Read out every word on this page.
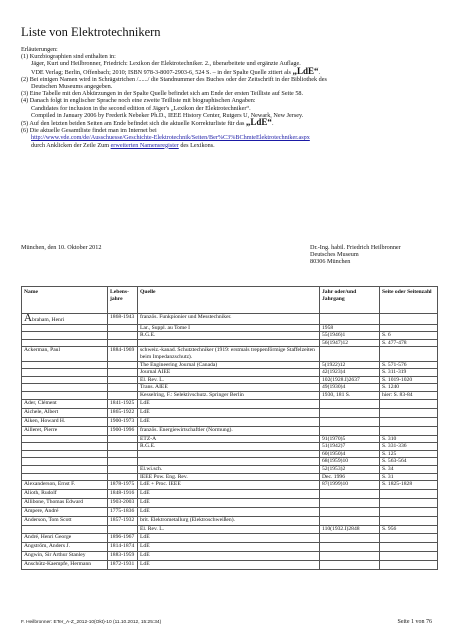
Liste von Elektrotechnikern
Erläuterungen:
(1) Kurzbiographien sind enthalten in:
Jäger, Kurt und Heilbronner, Friedrich: Lexikon der Elektrotechniker. 2., überarbeitete und ergänzte Auflage.
VDE Verlag; Berlin, Offenbach; 2010; ISBN 978-3-8007-2903-6, 524 S. – in der Spalte Quelle zitiert als „LdE“.
(2) Bei einigen Namen wird in Schrägstrichen /....../ die Standnummer des Buches oder der Zeitschrift in der Bibliothek des
Deutschen Museums angegeben.
(3) Eine Tabelle mit den Abkürzungen in der Spalte Quelle befindet sich am Ende der ersten Teilliste auf Seite 58.
(4) Danach folgt in englischer Sprache noch eine zweite Teilliste mit biographischen Angaben:
Candidates for inclusion in the second edition of Jäger's „Lexikon der Elektrotechniker“.
Compiled in January 2006 by Frederik Nebeker Ph.D., IEEE History Center, Rutgers U, Newark, New Jersey.
(5) Auf den letzten beiden Seiten am Ende befindet sich die aktuelle Korrekturliste für das „LdE“.
(6) Die aktuelle Gesamtliste findet man im Internet bei
http://www.vde.com/de/Ausschuesse/Geschichte-Elektrotechnik/Seiten/Ber%C3%BChmteElektrotechniker.aspx
durch Anklicken der Zeile Zum erweiterten Namensregister des Lexikons.
München, den 10. Oktober 2012	Dr.-Ing. habil. Friedrich Heilbronner
Deutsches Museum
80306 München
Name	Lebens-jahre	Quelle	Jahr oder/und Jahrgang	Seite oder Seitenzahl
Abraham, Henri	1868-1943	französ. Funkpionier und Messtechniker.		
		Lar., Suppl. au Tome I	1958	
		R.G.E.	55(1946)1	S. 6
			56(1947)12	S. 477-478
Ackerman, Paul	1884-1969	schweiz.-kanad. Schutztechniker (1919: erstmals treppenförmige Staffelzeiten beim Impedanzschutz).		
		The Engineering Journal (Canada)	5(1922)12	S. 571-576
		Journal AIEE	42(1923)4	S. 311-319
		El. Rev. L.	102(1928.I)2637	S. 1019-1020
		Trans. AIEE	49(1930)4	S. 1240
		Kesselring, F.: Selektivschutz. Springer Berlin	1930, 181 S.	hier: S. 83-84
Ader, Clément	1841-1925	LdE		
Aichele, Albert	1865-1922	LdE		
Aiken, Howard H.	1900-1973	LdE		
Ailleret, Pierre	1900-1996	französ. Energiewirtschaftler (Normung).		
		ETZ-A	91(1970)5	S. 310
		R.G.E.	51(1942)7	S. 331-336
			60(1950)4	S. 125
			68(1959)10	S. 563-564
		El.wi.sch.	52(1953)2	S. 34
		IEEE Pow. Eng. Rev.	Dec. 1996	S. 31
Alexanderson, Ernst F.	1878-1975	LdE + Proc. IEEE	87(1999)10	S. 1825-1828
Alioth, Rudolf	1848-1916	LdE		
Allibone, Thomas Edward	1903-2003	LdE		
Ampere, André	1775-1836	LdE		
Anderson, Tom Scott	1857-1932	brit. Elektrometallurg (Elektroschweißen).		
		El. Rev. L.	110(1932.I)2848	S. 956
André, Henri George	1896-1967	LdE		
Angström, Anders J.	1814-1874	LdE		
Angwin, Sir Arthur Stanley	1883-1959	LdE		
Anschütz-Kaempfe, Hermann	1872-1931	LdE		
F. Heilbronner: ETer_A-Z_2012-10(Okt)-10 (11.10.2012, 15:25:34)	Seite 1 von 76
